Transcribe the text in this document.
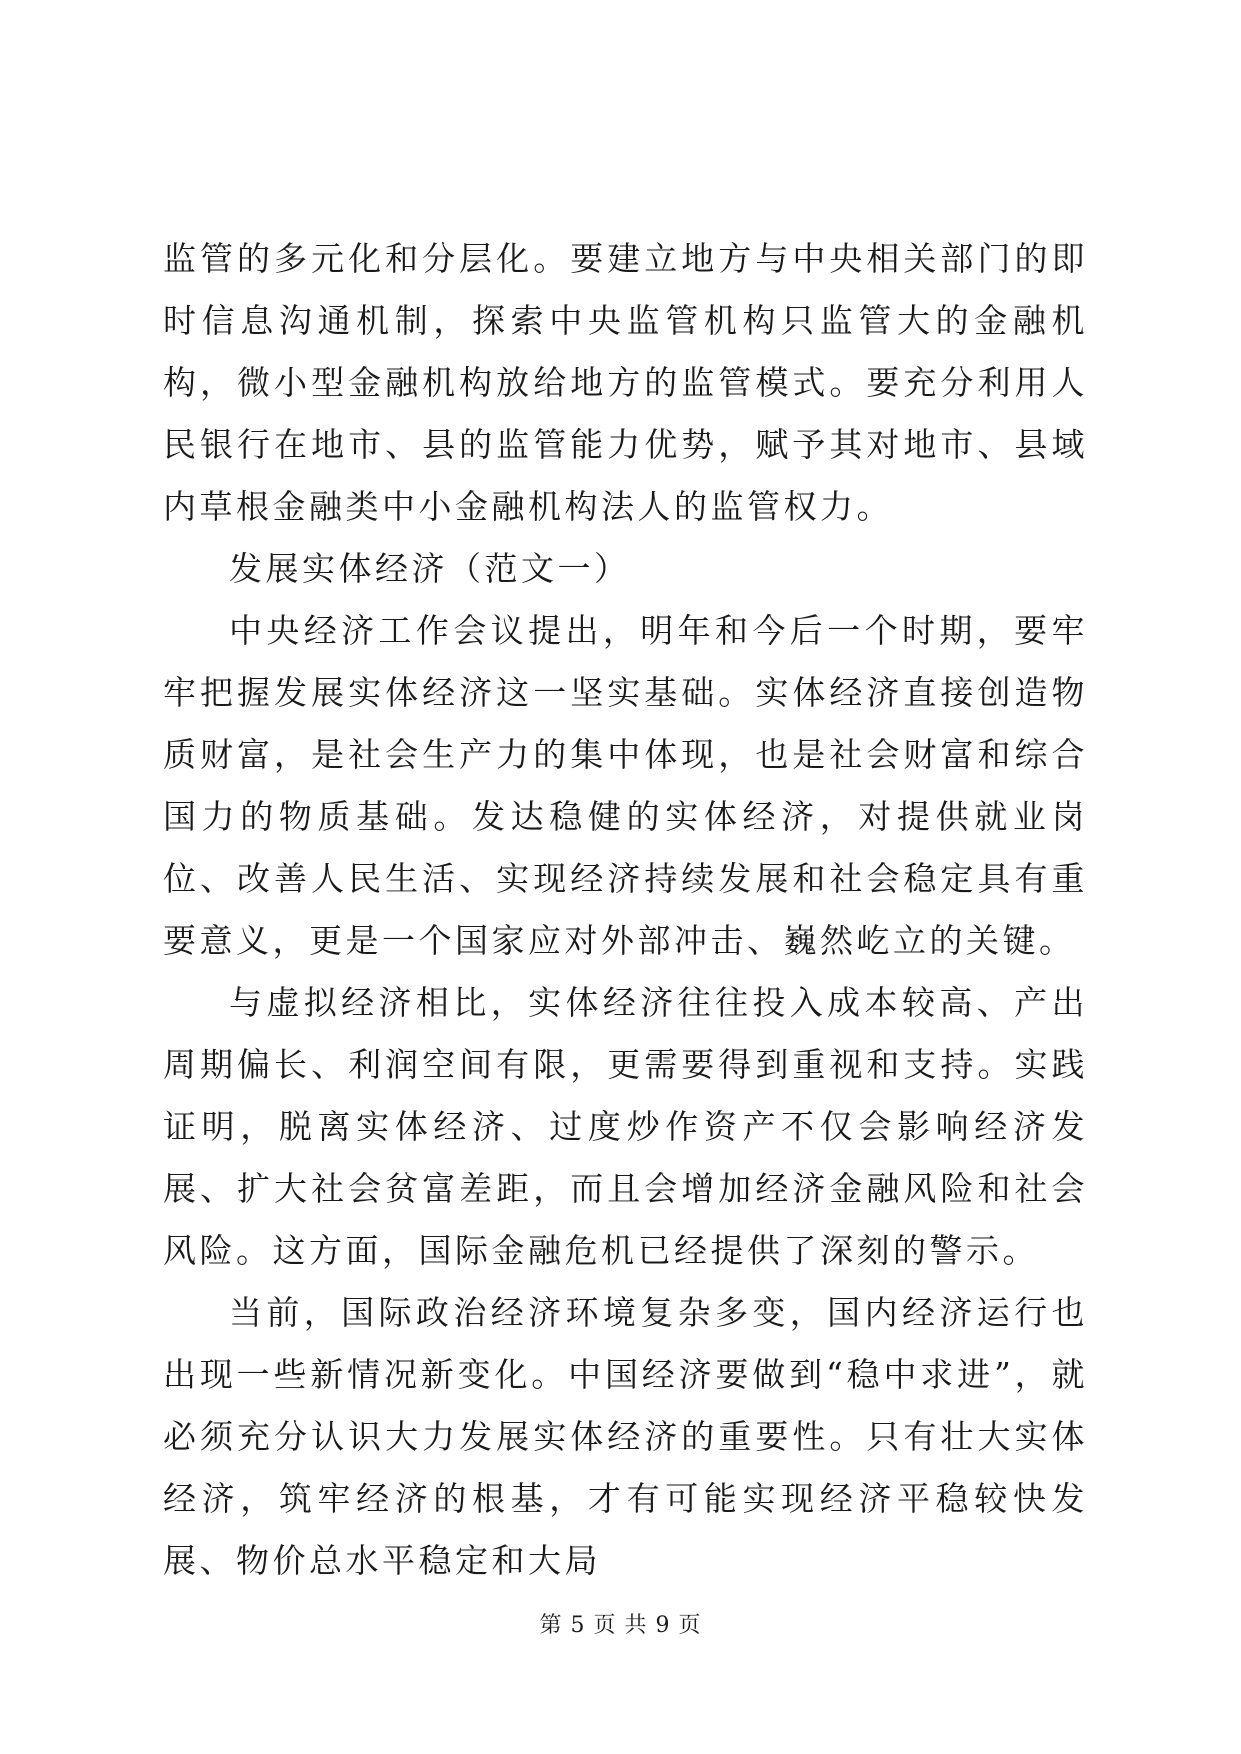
监管的多元化和分层化。要建立地方与中央相关部门的即时信息沟通机制，探索中央监管机构只监管大的金融机构，微小型金融机构放给地方的监管模式。要充分利用人民银行在地市、县的监管能力优势，赋予其对地市、县域内草根金融类中小金融机构法人的监管权力。

发展实体经济（范文一）

中央经济工作会议提出，明年和今后一个时期，要牢牢把握发展实体经济这一坚实基础。实体经济直接创造物质财富，是社会生产力的集中体现，也是社会财富和综合国力的物质基础。发达稳健的实体经济，对提供就业岗位、改善人民生活、实现经济持续发展和社会稳定具有重要意义，更是一个国家应对外部冲击、巍然屹立的关键。

与虚拟经济相比，实体经济往往投入成本较高、产出周期偏长、利润空间有限，更需要得到重视和支持。实践证明，脱离实体经济、过度炒作资产不仅会影响经济发展、扩大社会贫富差距，而且会增加经济金融风险和社会风险。这方面，国际金融危机已经提供了深刻的警示。

当前，国际政治经济环境复杂多变，国内经济运行也出现一些新情况新变化。中国经济要做到“稳中求进”，就必须充分认识大力发展实体经济的重要性。只有壮大实体经济，筑牢经济的根基，才有可能实现经济平稳较快发展、物价总水平稳定和大局

第 5 页 共 9 页
